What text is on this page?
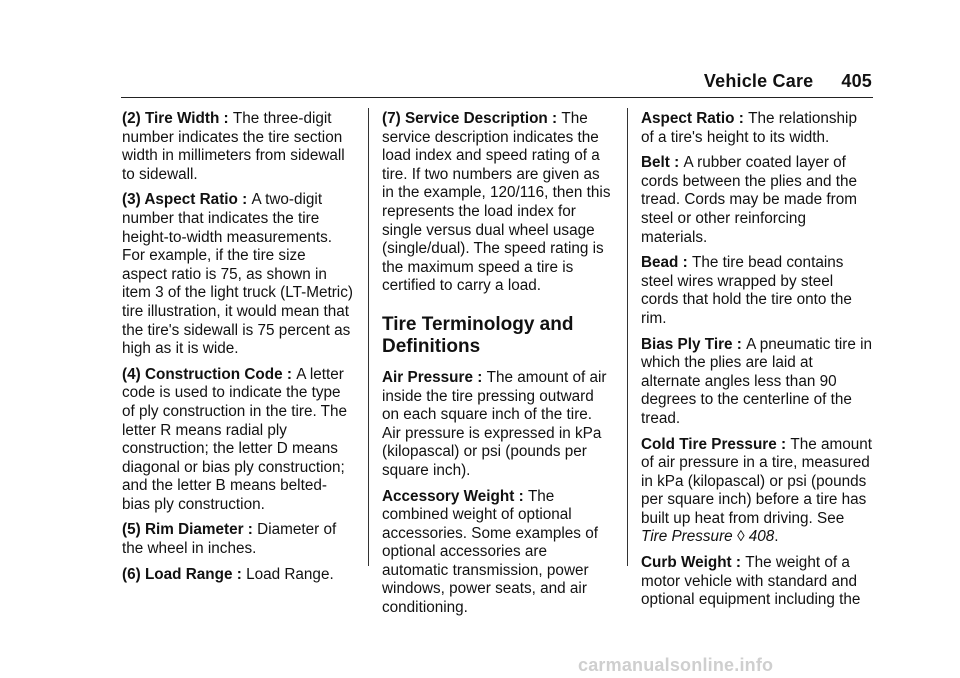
Vehicle Care 405

(2) Tire Width : The three-digit number indicates the tire section width in millimeters from sidewall to sidewall.

(3) Aspect Ratio : A two-digit number that indicates the tire height-to-width measurements. For example, if the tire size aspect ratio is 75, as shown in item 3 of the light truck (LT-Metric) tire illustration, it would mean that the tire's sidewall is 75 percent as high as it is wide.

(4) Construction Code : A letter code is used to indicate the type of ply construction in the tire. The letter R means radial ply construction; the letter D means diagonal or bias ply construction; and the letter B means belted-bias ply construction.

(5) Rim Diameter : Diameter of the wheel in inches.

(6) Load Range : Load Range.

(7) Service Description : The service description indicates the load index and speed rating of a tire. If two numbers are given as in the example, 120/116, then this represents the load index for single versus dual wheel usage (single/dual). The speed rating is the maximum speed a tire is certified to carry a load.

Tire Terminology and Definitions

Air Pressure : The amount of air inside the tire pressing outward on each square inch of the tire. Air pressure is expressed in kPa (kilopascal) or psi (pounds per square inch).

Accessory Weight : The combined weight of optional accessories. Some examples of optional accessories are automatic transmission, power windows, power seats, and air conditioning.

Aspect Ratio : The relationship of a tire's height to its width.

Belt : A rubber coated layer of cords between the plies and the tread. Cords may be made from steel or other reinforcing materials.

Bead : The tire bead contains steel wires wrapped by steel cords that hold the tire onto the rim.

Bias Ply Tire : A pneumatic tire in which the plies are laid at alternate angles less than 90 degrees to the centerline of the tread.

Cold Tire Pressure : The amount of air pressure in a tire, measured in kPa (kilopascal) or psi (pounds per square inch) before a tire has built up heat from driving. See Tire Pressure ◊ 408.

Curb Weight : The weight of a motor vehicle with standard and optional equipment including the

carmanualsonline.info
